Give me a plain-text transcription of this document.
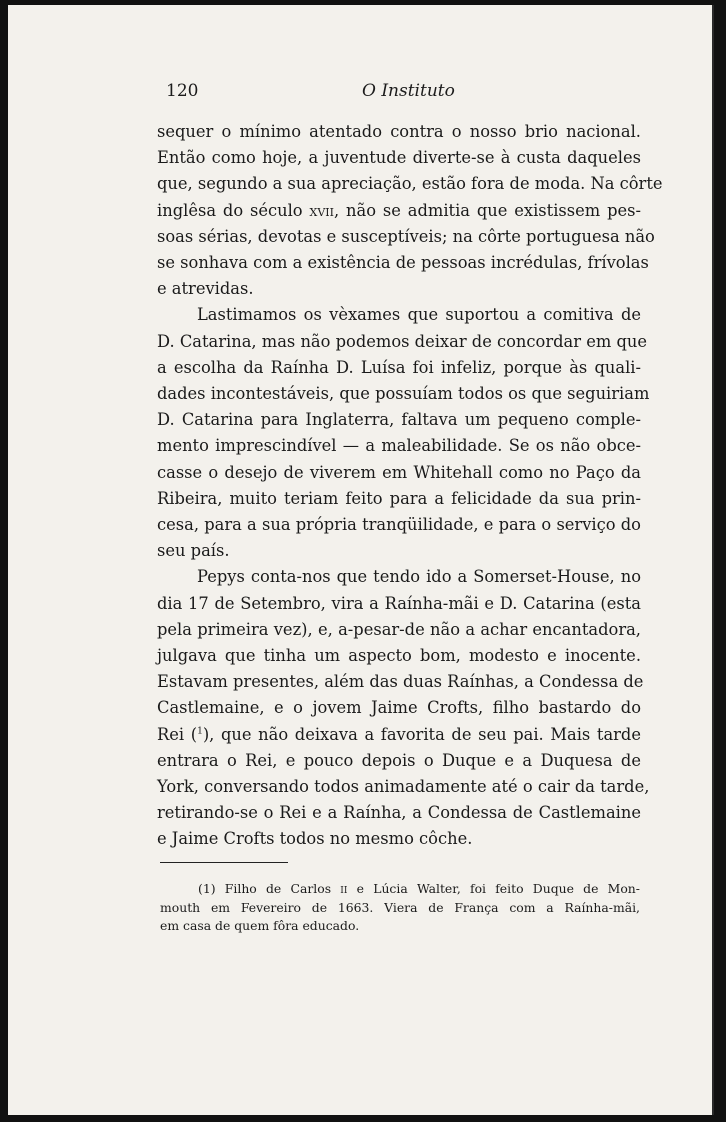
120	O Instituto
sequer o mínimo atentado contra o nosso brio nacional.
Então como hoje, a juventude diverte-se à custa daqueles
que, segundo a sua apreciação, estão fora de moda. Na côrte
inglêsa do século xvii, não se admitia que existissem pes-
soas sérias, devotas e susceptíveis; na côrte portuguesa não
se sonhava com a existência de pessoas incrédulas, frívolas
e atrevidas.
Lastimamos os vèxames que suportou a comitiva de
D. Catarina, mas não podemos deixar de concordar em que
a escolha da Raínha D. Luísa foi infeliz, porque às quali-
dades incontestáveis, que possuíam todos os que seguiriam
D. Catarina para Inglaterra, faltava um pequeno comple-
mento imprescindível — a maleabilidade. Se os não obce-
casse o desejo de viverem em Whitehall como no Paço da
Ribeira, muito teriam feito para a felicidade da sua prin-
cesa, para a sua própria tranqüilidade, e para o serviço do
seu país.
Pepys conta-nos que tendo ido a Somerset-House, no
dia 17 de Setembro, vira a Raínha-mãi e D. Catarina (esta
pela primeira vez), e, a-pesar-de não a achar encantadora,
julgava que tinha um aspecto bom, modesto e inocente.
Estavam presentes, além das duas Raínhas, a Condessa de
Castlemaine, e o jovem Jaime Crofts, filho bastardo do
Rei ($^1$), que não deixava a favorita de seu pai. Mais tarde
entrara o Rei, e pouco depois o Duque e a Duquesa de
York, conversando todos animadamente até o cair da tarde,
retirando-se o Rei e a Raínha, a Condessa de Castlemaine
e Jaime Crofts todos no mesmo côche.
(1) Filho de Carlos ii e Lúcia Walter, foi feito Duque de Mon-
mouth em Fevereiro de 1663. Viera de França com a Raínha-mãi,
em casa de quem fôra educado.
